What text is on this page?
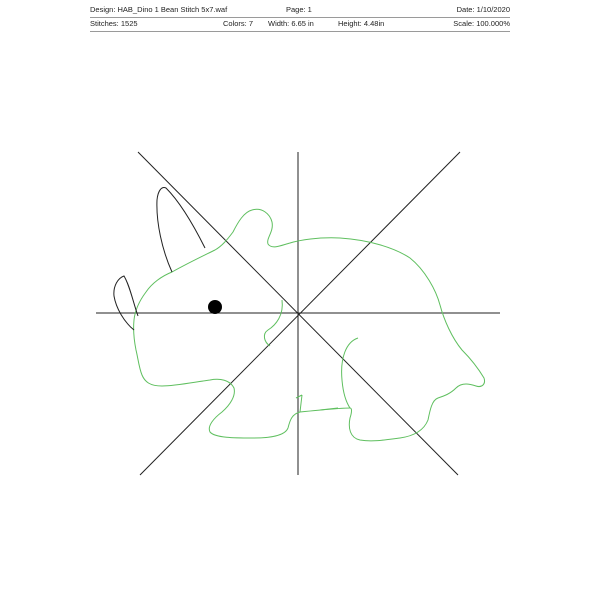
Design: HAB_Dino 1 Bean Stitch 5x7.waf	Page: 1	Date: 1/10/2020
Stitches: 1525	Colors: 7 Width: 6.65 in	Height: 4.48in	Scale: 100.000%
